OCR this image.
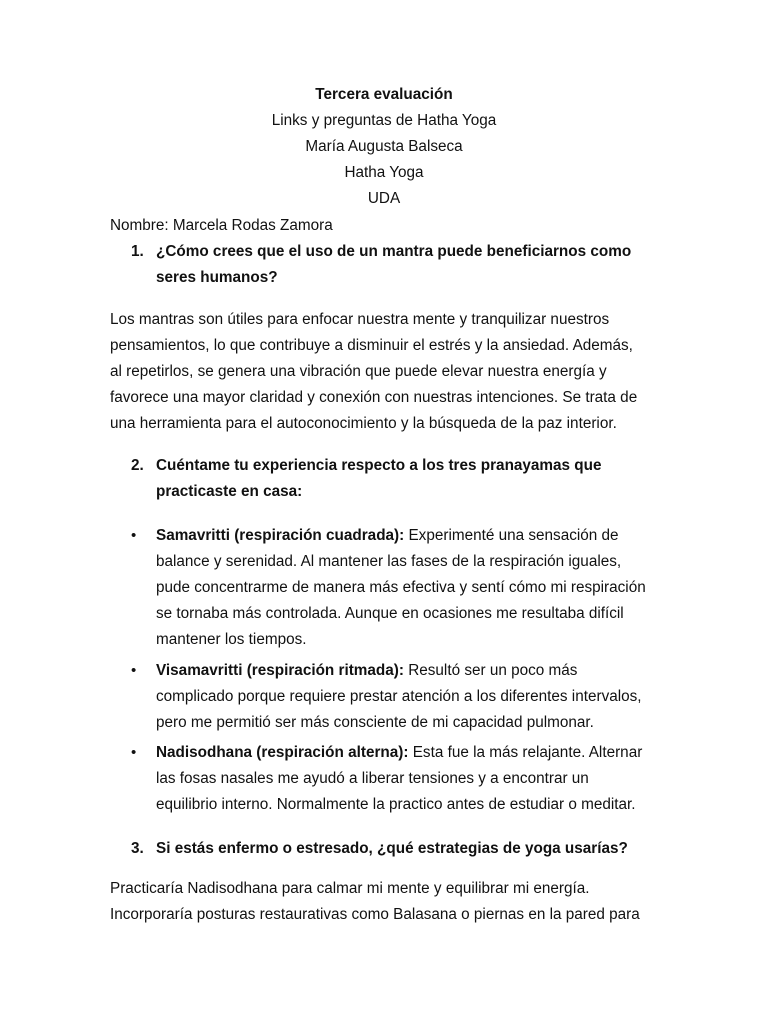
Tercera evaluación
Links y preguntas de Hatha Yoga
María Augusta Balseca
Hatha Yoga
UDA
Nombre: Marcela Rodas Zamora
1. ¿Cómo crees que el uso de un mantra puede beneficiarnos como
seres humanos?
Los mantras son útiles para enfocar nuestra mente y tranquilizar nuestros
pensamientos, lo que contribuye a disminuir el estrés y la ansiedad. Además,
al repetirlos, se genera una vibración que puede elevar nuestra energía y
favorece una mayor claridad y conexión con nuestras intenciones. Se trata de
una herramienta para el autoconocimiento y la búsqueda de la paz interior.
2. Cuéntame tu experiencia respecto a los tres pranayamas que
practicaste en casa:
• Samavritti (respiración cuadrada): Experimenté una sensación de
balance y serenidad. Al mantener las fases de la respiración iguales,
pude concentrarme de manera más efectiva y sentí cómo mi respiración
se tornaba más controlada. Aunque en ocasiones me resultaba difícil
mantener los tiempos.
• Visamavritti (respiración ritmada): Resultó ser un poco más
complicado porque requiere prestar atención a los diferentes intervalos,
pero me permitió ser más consciente de mi capacidad pulmonar.
• Nadisodhana (respiración alterna): Esta fue la más relajante. Alternar
las fosas nasales me ayudó a liberar tensiones y a encontrar un
equilibrio interno. Normalmente la practico antes de estudiar o meditar.
3. Si estás enfermo o estresado, ¿qué estrategias de yoga usarías?
Practicaría Nadisodhana para calmar mi mente y equilibrar mi energía.
Incorporaría posturas restaurativas como Balasana o piernas en la pared para
